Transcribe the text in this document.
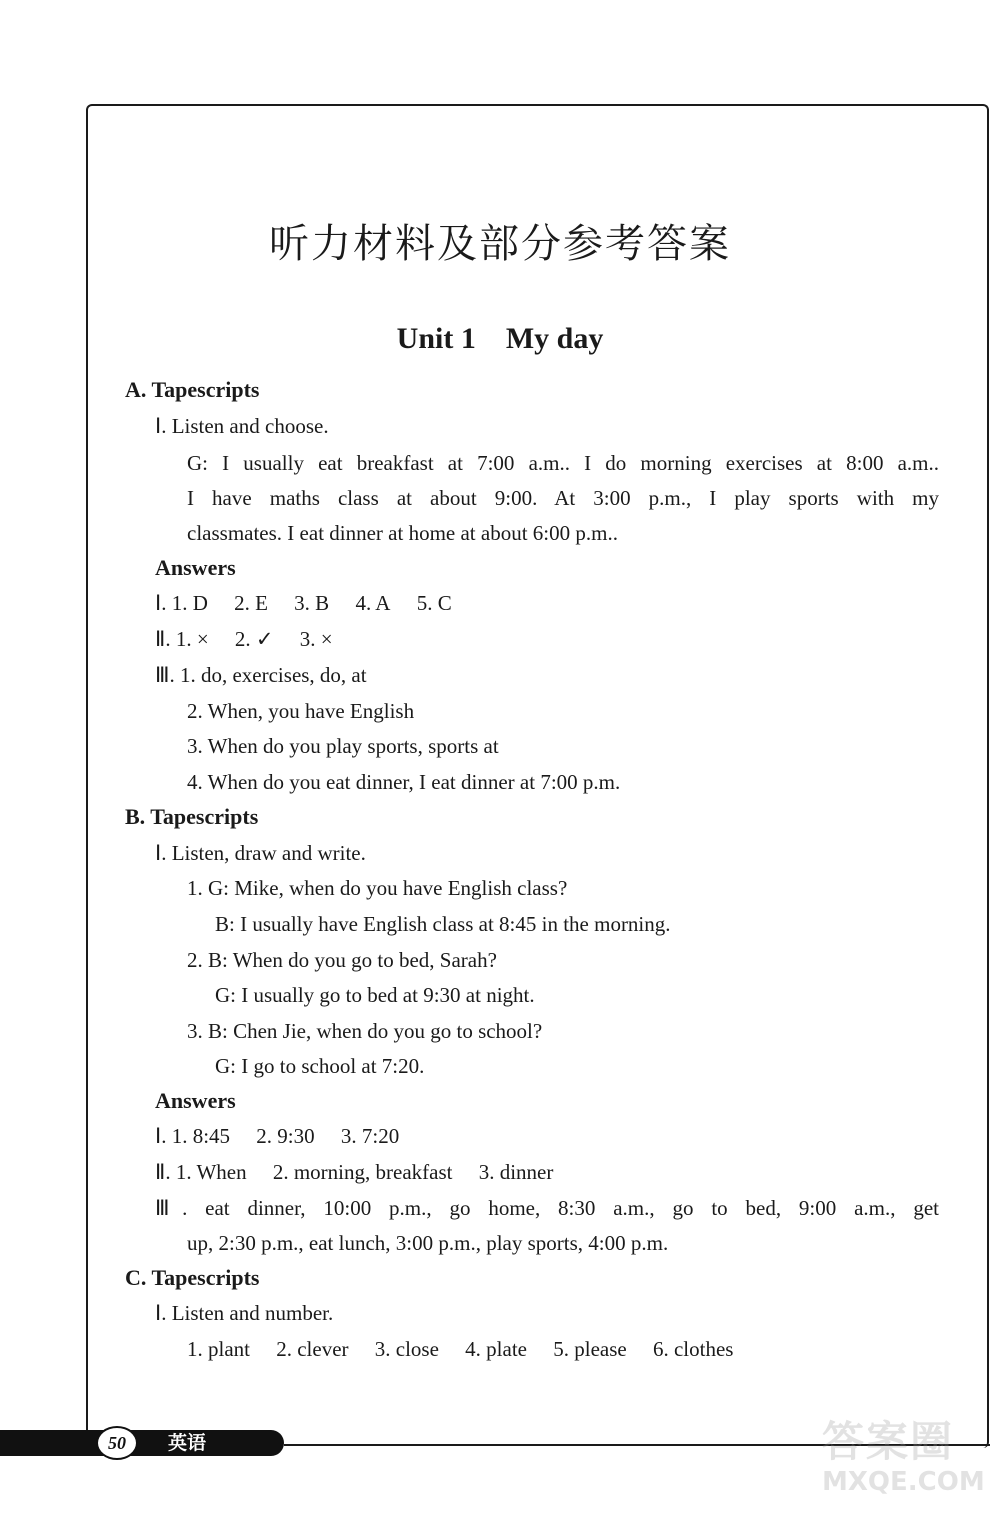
听力材料及部分参考答案
Unit 1 My day
A. Tapescripts
Ⅰ. Listen and choose.
G: I usually eat breakfast at 7:00 a.m.. I do morning exercises at 8:00 a.m..
I have maths class at about 9:00. At 3:00 p.m., I play sports with my
classmates. I eat dinner at home at about 6:00 p.m..
Answers
Ⅰ. 1. D  2. E  3. B  4. A  5. C
Ⅱ. 1. ×  2. ✓  3. ×
Ⅲ. 1. do, exercises, do, at
2. When, you have English
3. When do you play sports, sports at
4. When do you eat dinner, I eat dinner at 7:00 p.m.
B. Tapescripts
Ⅰ. Listen, draw and write.
1. G: Mike, when do you have English class?
B: I usually have English class at 8:45 in the morning.
2. B: When do you go to bed, Sarah?
G: I usually go to bed at 9:30 at night.
3. B: Chen Jie, when do you go to school?
G: I go to school at 7:20.
Answers
Ⅰ. 1. 8:45  2. 9:30  3. 7:20
Ⅱ. 1. When  2. morning, breakfast  3. dinner
Ⅲ. eat dinner, 10:00 p.m., go home, 8:30 a.m., go to bed, 9:00 a.m., get
up, 2:30 p.m., eat lunch, 3:00 p.m., play sports, 4:00 p.m.
C. Tapescripts
Ⅰ. Listen and number.
1. plant  2. clever  3. close  4. plate  5. please  6. clothes
50	英语	答案圈
MXQE.COM
